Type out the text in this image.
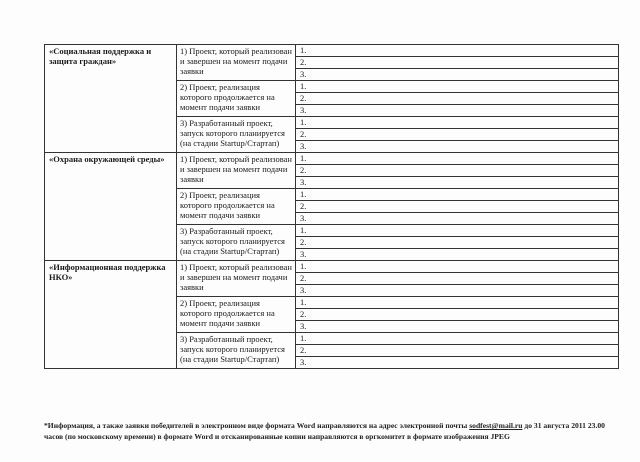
«Социальная поддержка и защита граждан»	1) Проект, который реализован и завершен на момент подачи заявки	1.
		2.
		3.
	2) Проект, реализация которого продолжается на момент подачи заявки	1.
		2.
		3.
	3) Разработанный проект, запуск которого планируется (на стадии Startup/Стартап)	1.
		2.
		3.
«Охрана окружающей среды»	1) Проект, который реализован и завершен на момент подачи заявки	1.
		2.
		3.
	2) Проект, реализация которого продолжается на момент подачи заявки	1.
		2.
		3.
	3) Разработанный проект, запуск которого планируется (на стадии Startup/Стартап)	1.
		2.
		3.
«Информационная поддержка НКО»	1) Проект, который реализован и завершен на момент подачи заявки	1.
		2.
		3.
	2) Проект, реализация которого продолжается на момент подачи заявки	1.
		2.
		3.
	3) Разработанный проект, запуск которого планируется (на стадии Startup/Стартап)	1.
		2.
		3.
*Информация, а также заявки победителей в электронном виде формата Word направляются на адрес электронной почты sodfest@mail.ru до 31 августа 2011 23.00
часов (по московскому времени) в формате Word и отсканированные копии направляются в оргкомитет в формате изображения JPEG
